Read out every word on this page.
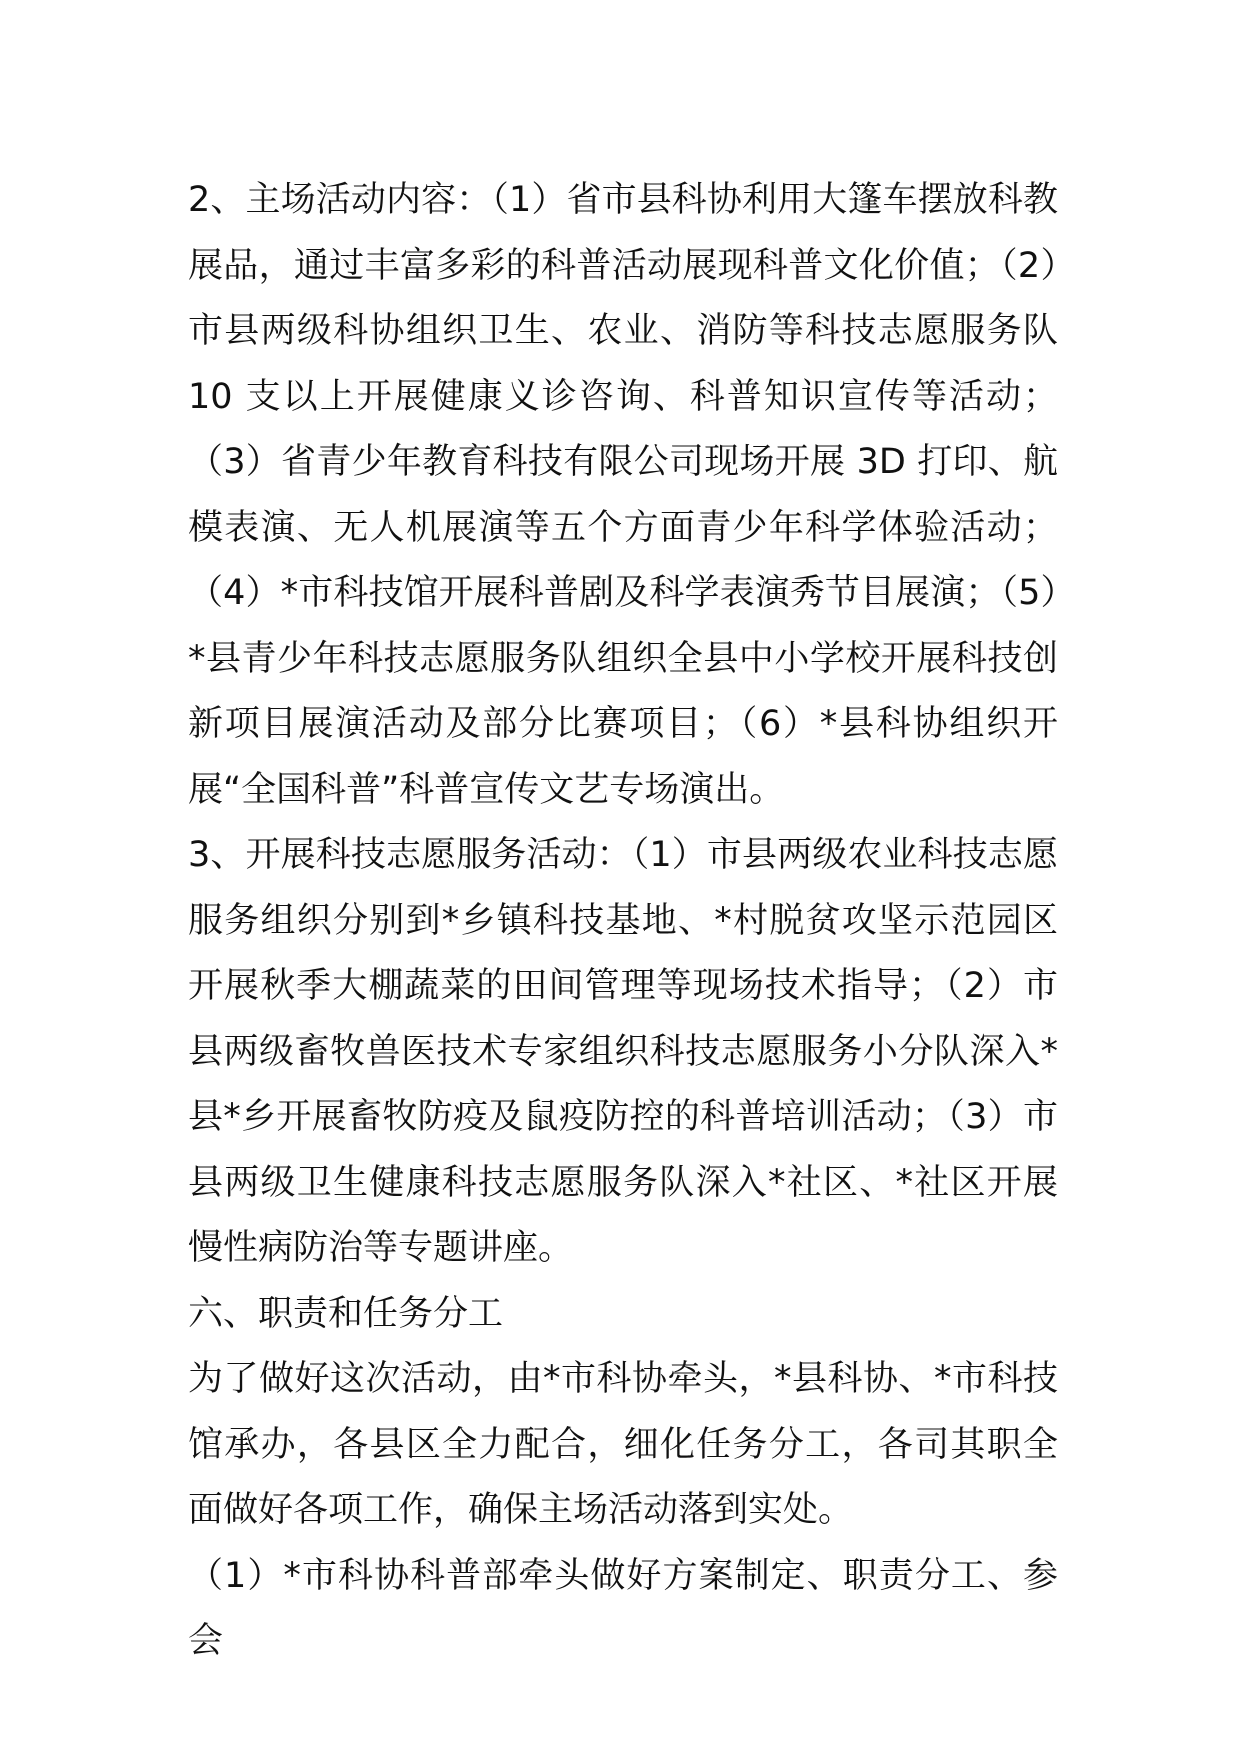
2、主场活动内容：（1）省市县科协利用大篷车摆放科教展品，通过丰富多彩的科普活动展现科普文化价值；（2）市县两级科协组织卫生、农业、消防等科技志愿服务队 10 支以上开展健康义诊咨询、科普知识宣传等活动；（3）省青少年教育科技有限公司现场开展 3D 打印、航模表演、无人机展演等五个方面青少年科学体验活动；（4）*市科技馆开展科普剧及科学表演秀节目展演；（5）*县青少年科技志愿服务队组织全县中小学校开展科技创新项目展演活动及部分比赛项目；（6）*县科协组织开展“全国科普”科普宣传文艺专场演出。

3、开展科技志愿服务活动：（1）市县两级农业科技志愿服务组织分别到*乡镇科技基地、*村脱贫攻坚示范园区开展秋季大棚蔬菜的田间管理等现场技术指导；（2）市县两级畜牧兽医技术专家组织科技志愿服务小分队深入*县*乡开展畜牧防疫及鼠疫防控的科普培训活动；（3）市县两级卫生健康科技志愿服务队深入*社区、*社区开展慢性病防治等专题讲座。

六、职责和任务分工

为了做好这次活动，由*市科协牵头，*县科协、*市科技馆承办，各县区全力配合，细化任务分工，各司其职全面做好各项工作，确保主场活动落到实处。

（1）*市科协科普部牵头做好方案制定、职责分工、参会
